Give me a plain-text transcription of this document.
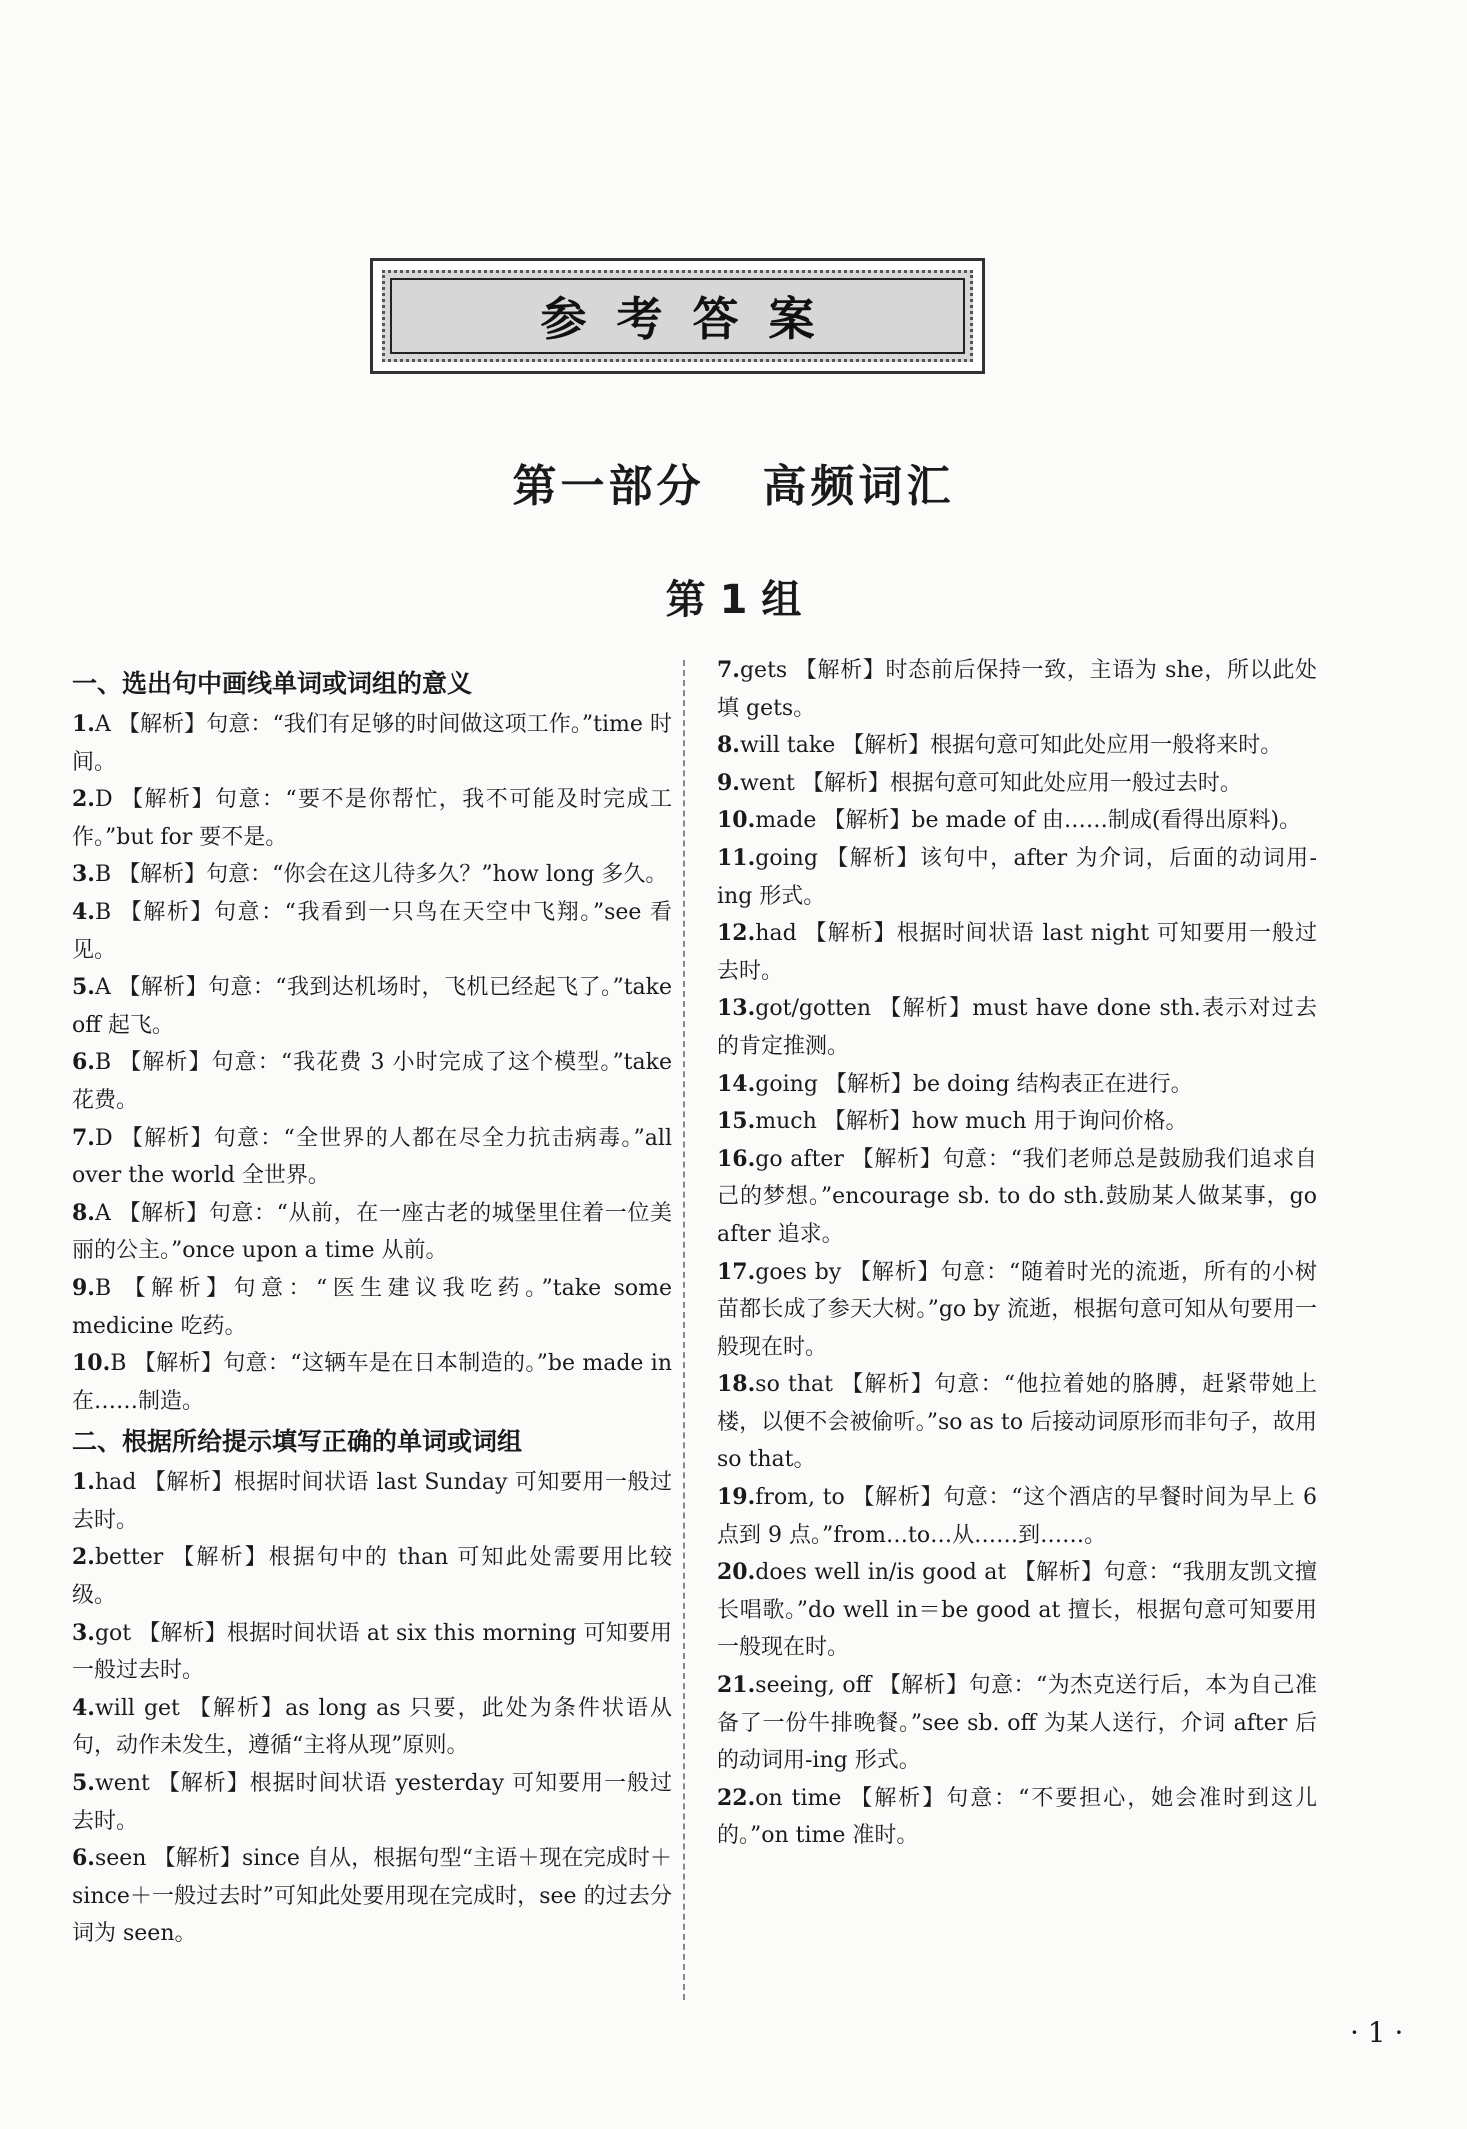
参考答案
第一部分   高频词汇
第 1 组
一、选出句中画线单词或词组的意义

1.A 【解析】句意：“我们有足够的时间做这项工作。”time 时间。

2.D 【解析】句意：“要不是你帮忙，我不可能及时完成工作。”but for 要不是。

3.B 【解析】句意：“你会在这儿待多久？”how long 多久。

4.B 【解析】句意：“我看到一只鸟在天空中飞翔。”see 看见。

5.A 【解析】句意：“我到达机场时，飞机已经起飞了。”take off 起飞。

6.B 【解析】句意：“我花费 3 小时完成了这个模型。”take 花费。

7.D 【解析】句意：“全世界的人都在尽全力抗击病毒。”all over the world 全世界。

8.A 【解析】句意：“从前，在一座古老的城堡里住着一位美丽的公主。”once upon a time 从前。

9.B 【解析】句意：“医生建议我吃药。”take some medicine 吃药。

10.B 【解析】句意：“这辆车是在日本制造的。”be made in 在……制造。

二、根据所给提示填写正确的单词或词组

1.had 【解析】根据时间状语 last Sunday 可知要用一般过去时。

2.better 【解析】根据句中的 than 可知此处需要用比较级。

3.got 【解析】根据时间状语 at six this morning 可知要用一般过去时。

4.will get 【解析】as long as 只要，此处为条件状语从句，动作未发生，遵循“主将从现”原则。

5.went 【解析】根据时间状语 yesterday 可知要用一般过去时。

6.seen 【解析】since 自从，根据句型“主语＋现在完成时＋since＋一般过去时”可知此处要用现在完成时，see 的过去分词为 seen。

7.gets 【解析】时态前后保持一致，主语为 she，所以此处填 gets。

8.will take 【解析】根据句意可知此处应用一般将来时。

9.went 【解析】根据句意可知此处应用一般过去时。

10.made 【解析】be made of 由……制成(看得出原料)。

11.going 【解析】该句中，after 为介词，后面的动词用-ing 形式。

12.had 【解析】根据时间状语 last night 可知要用一般过去时。

13.got/gotten 【解析】must have done sth.表示对过去的肯定推测。

14.going 【解析】be doing 结构表正在进行。

15.much 【解析】how much 用于询问价格。

16.go after 【解析】句意：“我们老师总是鼓励我们追求自己的梦想。”encourage sb. to do sth.鼓励某人做某事，go after 追求。

17.goes by 【解析】句意：“随着时光的流逝，所有的小树苗都长成了参天大树。”go by 流逝，根据句意可知从句要用一般现在时。

18.so that 【解析】句意：“他拉着她的胳膊，赶紧带她上楼，以便不会被偷听。”so as to 后接动词原形而非句子，故用 so that。

19.from, to 【解析】句意：“这个酒店的早餐时间为早上 6 点到 9 点。”from…to…从……到……。

20.does well in/is good at 【解析】句意：“我朋友凯文擅长唱歌。”do well in＝be good at 擅长，根据句意可知要用一般现在时。

21.seeing, off 【解析】句意：“为杰克送行后，本为自己准备了一份牛排晚餐。”see sb. off 为某人送行，介词 after 后的动词用-ing 形式。

22.on time 【解析】句意：“不要担心，她会准时到这儿的。”on time 准时。

· 1 ·
